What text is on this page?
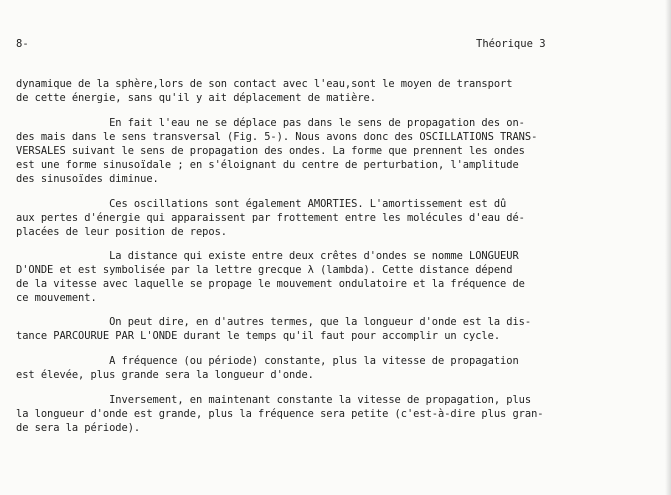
8-	Théorique 3
dynamique de la sphère,lors de son contact avec l'eau,sont le moyen de transport
de cette énergie, sans qu'il y ait déplacement de matière.
En fait l'eau ne se déplace pas dans le sens de propagation des on-
des mais dans le sens transversal (Fig. 5-). Nous avons donc des OSCILLATIONS TRANS-
VERSALES suivant le sens de propagation des ondes. La forme que prennent les ondes
est une forme sinusoïdale ; en s'éloignant du centre de perturbation, l'amplitude
des sinusoïdes diminue.
Ces oscillations sont également AMORTIES. L'amortissement est dû
aux pertes d'énergie qui apparaissent par frottement entre les molécules d'eau dé-
placées de leur position de repos.
La distance qui existe entre deux crêtes d'ondes se nomme LONGUEUR
D'ONDE et est symbolisée par la lettre grecque λ (lambda). Cette distance dépend
de la vitesse avec laquelle se propage le mouvement ondulatoire et la fréquence de
ce mouvement.
On peut dire, en d'autres termes, que la longueur d'onde est la dis-
tance PARCOURUE PAR L'ONDE durant le temps qu'il faut pour accomplir un cycle.
A fréquence (ou période) constante, plus la vitesse de propagation
est élevée, plus grande sera la longueur d'onde.
Inversement, en maintenant constante la vitesse de propagation, plus
la longueur d'onde est grande, plus la fréquence sera petite (c'est-à-dire plus gran-
de sera la période).
